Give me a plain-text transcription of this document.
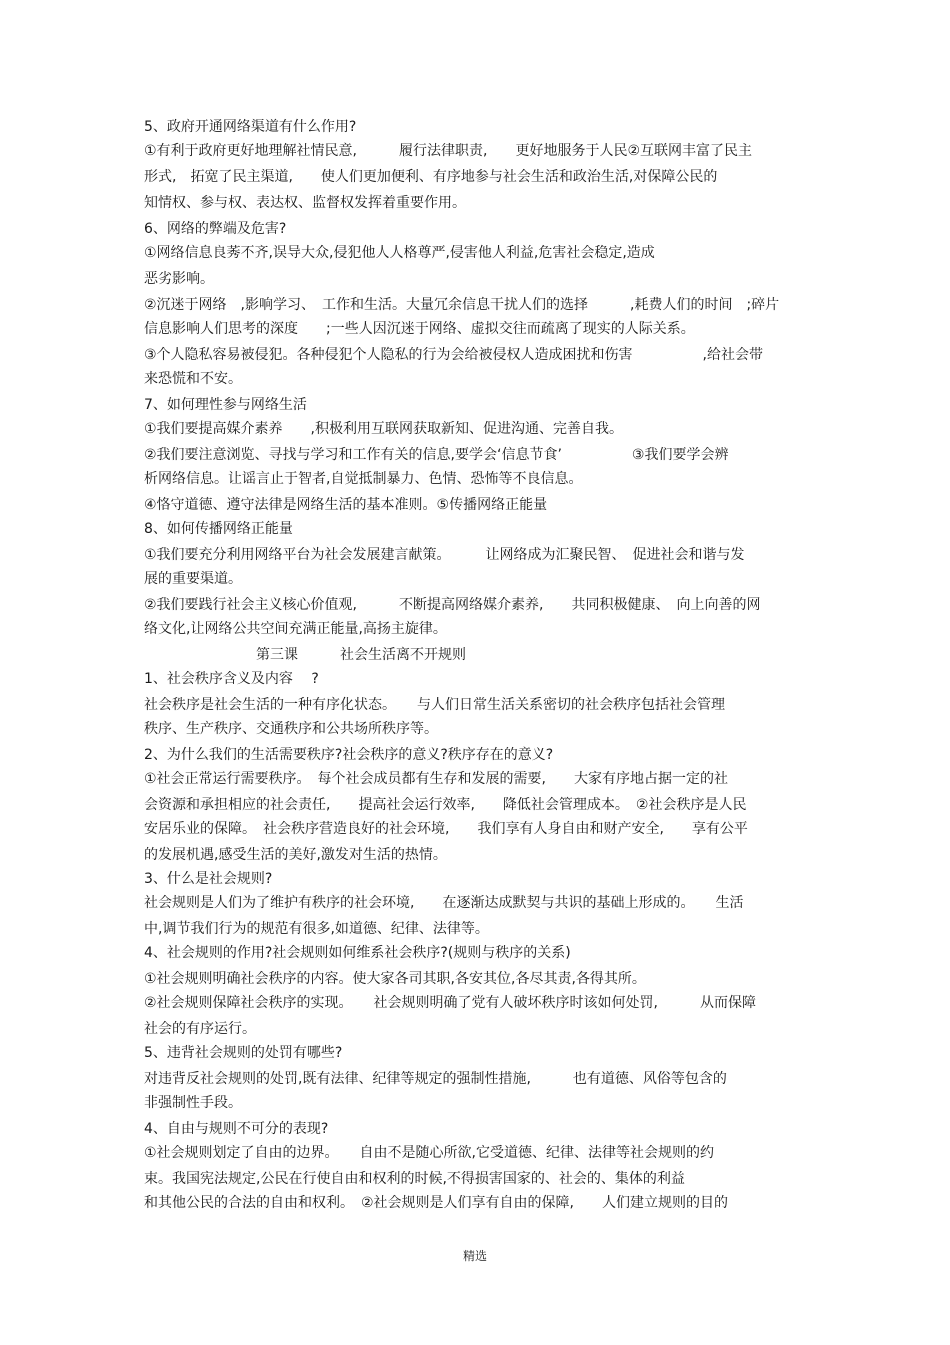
5、政府开通网络渠道有什么作用?
①有利于政府更好地理解社情民意,　　　履行法律职责,　　更好地服务于人民②互联网丰富了民主
形式,　拓宽了民主渠道,　　使人们更加便利、有序地参与社会生活和政治生活,对保障公民的
知情权、参与权、表达权、监督权发挥着重要作用。
6、网络的弊端及危害?
①网络信息良莠不齐,误导大众,侵犯他人人格尊严,侵害他人利益,危害社会稳定,造成
恶劣影响。
②沉迷于网络　,影响学习、　工作和生活。大量冗余信息干扰人们的选择　　　,耗费人们的时间　;碎片
信息影响人们思考的深度　　;一些人因沉迷于网络、虚拟交往而疏离了现实的人际关系。
③个人隐私容易被侵犯。各种侵犯个人隐私的行为会给被侵权人造成困扰和伤害　　　　　,给社会带
来恐慌和不安。
7、如何理性参与网络生活
①我们要提高媒介素养　　,积极利用互联网获取新知、促进沟通、完善自我。
②我们要注意浏览、寻找与学习和工作有关的信息,要学会‘信息节食’　　　　　③我们要学会辨
析网络信息。让谣言止于智者,自觉抵制暴力、色情、恐怖等不良信息。
④恪守道德、遵守法律是网络生活的基本准则。⑤传播网络正能量
8、如何传播网络正能量
①我们要充分利用网络平台为社会发展建言献策。　　　让网络成为汇聚民智、　促进社会和谐与发
展的重要渠道。
②我们要践行社会主义核心价值观,　　　不断提高网络媒介素养,　　共同积极健康、　向上向善的网
络文化,让网络公共空间充满正能量,高扬主旋律。
　　　　　　　　第三课　　　社会生活离不开规则
1、社会秩序含义及内容　 ?
社会秩序是社会生活的一种有序化状态。　　与人们日常生活关系密切的社会秩序包括社会管理
秩序、生产秩序、交通秩序和公共场所秩序等。
2、为什么我们的生活需要秩序?社会秩序的意义?秩序存在的意义?
①社会正常运行需要秩序。　每个社会成员都有生存和发展的需要,　　大家有序地占据一定的社
会资源和承担相应的社会责任,　　提高社会运行效率,　　降低社会管理成本。　②社会秩序是人民
安居乐业的保障。　社会秩序营造良好的社会环境,　　我们享有人身自由和财产安全,　　享有公平
的发展机遇,感受生活的美好,激发对生活的热情。
3、什么是社会规则?
社会规则是人们为了维护有秩序的社会环境,　　在逐渐达成默契与共识的基础上形成的。　　生活
中,调节我们行为的规范有很多,如道德、纪律、法律等。
4、社会规则的作用?社会规则如何维系社会秩序?(规则与秩序的关系)
①社会规则明确社会秩序的内容。使大家各司其职,各安其位,各尽其责,各得其所。
②社会规则保障社会秩序的实现。　　社会规则明确了党有人破坏秩序时该如何处罚,　　　从而保障
社会的有序运行。
5、违背社会规则的处罚有哪些?
对违背反社会规则的处罚,既有法律、纪律等规定的强制性措施,　　　也有道德、风俗等包含的
非强制性手段。
4、自由与规则不可分的表现?
①社会规则划定了自由的边界。　　自由不是随心所欲,它受道德、纪律、法律等社会规则的约
束。我国宪法规定,公民在行使自由和权利的时候,不得损害国家的、社会的、集体的利益
和其他公民的合法的自由和权利。　②社会规则是人们享有自由的保障,　　人们建立规则的目的
精选
